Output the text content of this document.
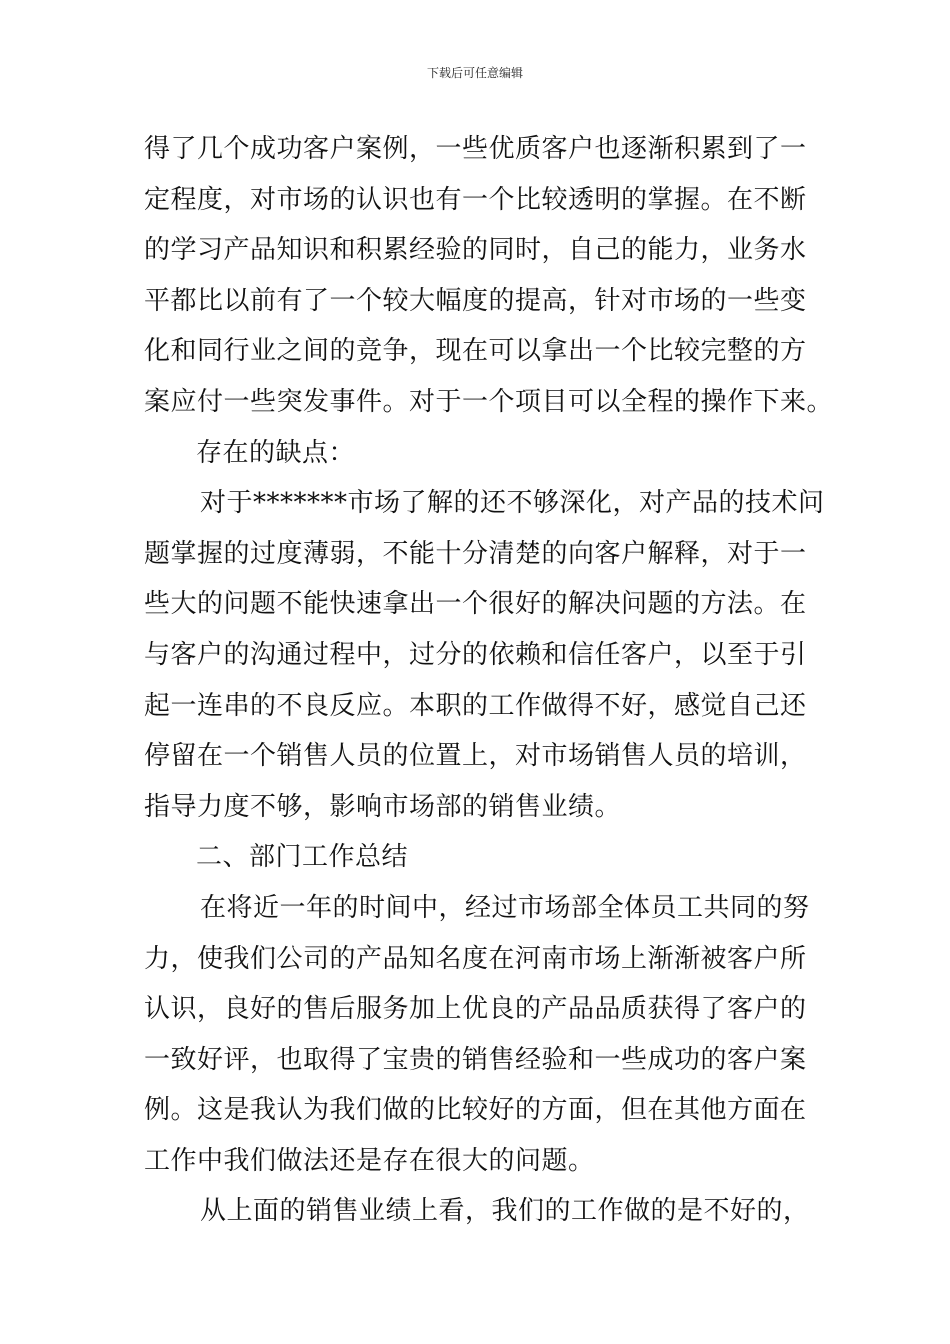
下载后可任意编辑
得了几个成功客户案例，一些优质客户也逐渐积累到了一
定程度，对市场的认识也有一个比较透明的掌握。在不断
的学习产品知识和积累经验的同时，自己的能力，业务水
平都比以前有了一个较大幅度的提高，针对市场的一些变
化和同行业之间的竞争，现在可以拿出一个比较完整的方
案应付一些突发事件。对于一个项目可以全程的操作下来。
存在的缺点：
对于*******市场了解的还不够深化，对产品的技术问
题掌握的过度薄弱，不能十分清楚的向客户解释，对于一
些大的问题不能快速拿出一个很好的解决问题的方法。在
与客户的沟通过程中，过分的依赖和信任客户，以至于引
起一连串的不良反应。本职的工作做得不好，感觉自己还
停留在一个销售人员的位置上，对市场销售人员的培训，
指导力度不够，影响市场部的销售业绩。
二、部门工作总结
在将近一年的时间中，经过市场部全体员工共同的努
力，使我们公司的产品知名度在河南市场上渐渐被客户所
认识，良好的售后服务加上优良的产品品质获得了客户的
一致好评，也取得了宝贵的销售经验和一些成功的客户案
例。这是我认为我们做的比较好的方面，但在其他方面在
工作中我们做法还是存在很大的问题。
从上面的销售业绩上看，我们的工作做的是不好的，
